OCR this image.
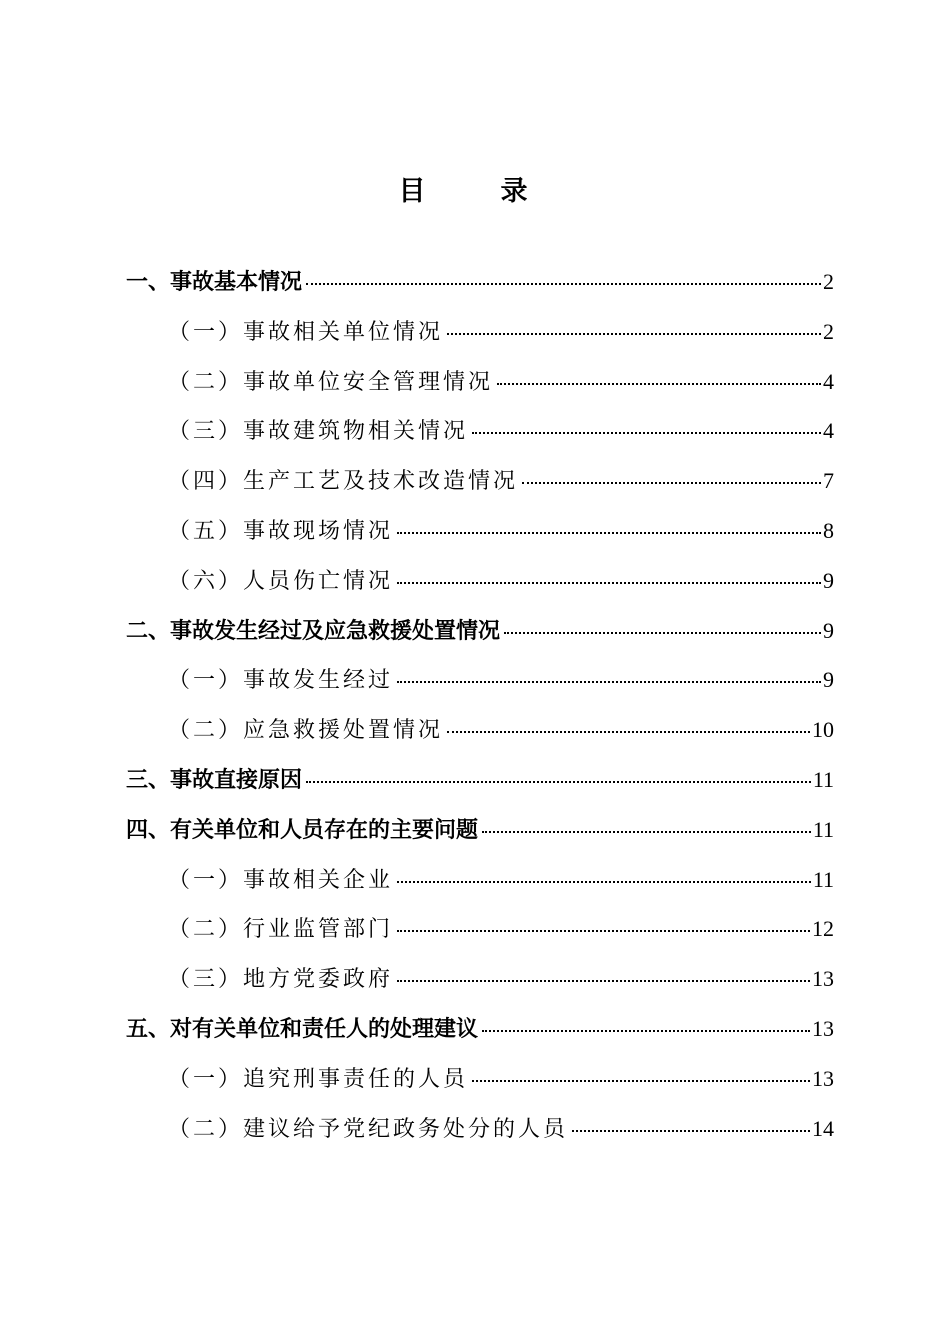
目　录
一、事故基本情况	2
（一）事故相关单位情况	2
（二）事故单位安全管理情况	4
（三）事故建筑物相关情况	4
（四）生产工艺及技术改造情况	7
（五）事故现场情况	8
（六）人员伤亡情况	9
二、事故发生经过及应急救援处置情况	9
（一）事故发生经过	9
（二）应急救援处置情况	10
三、事故直接原因	11
四、有关单位和人员存在的主要问题	11
（一）事故相关企业	11
（二）行业监管部门	12
（三）地方党委政府	13
五、对有关单位和责任人的处理建议	13
（一）追究刑事责任的人员	13
（二）建议给予党纪政务处分的人员	14
